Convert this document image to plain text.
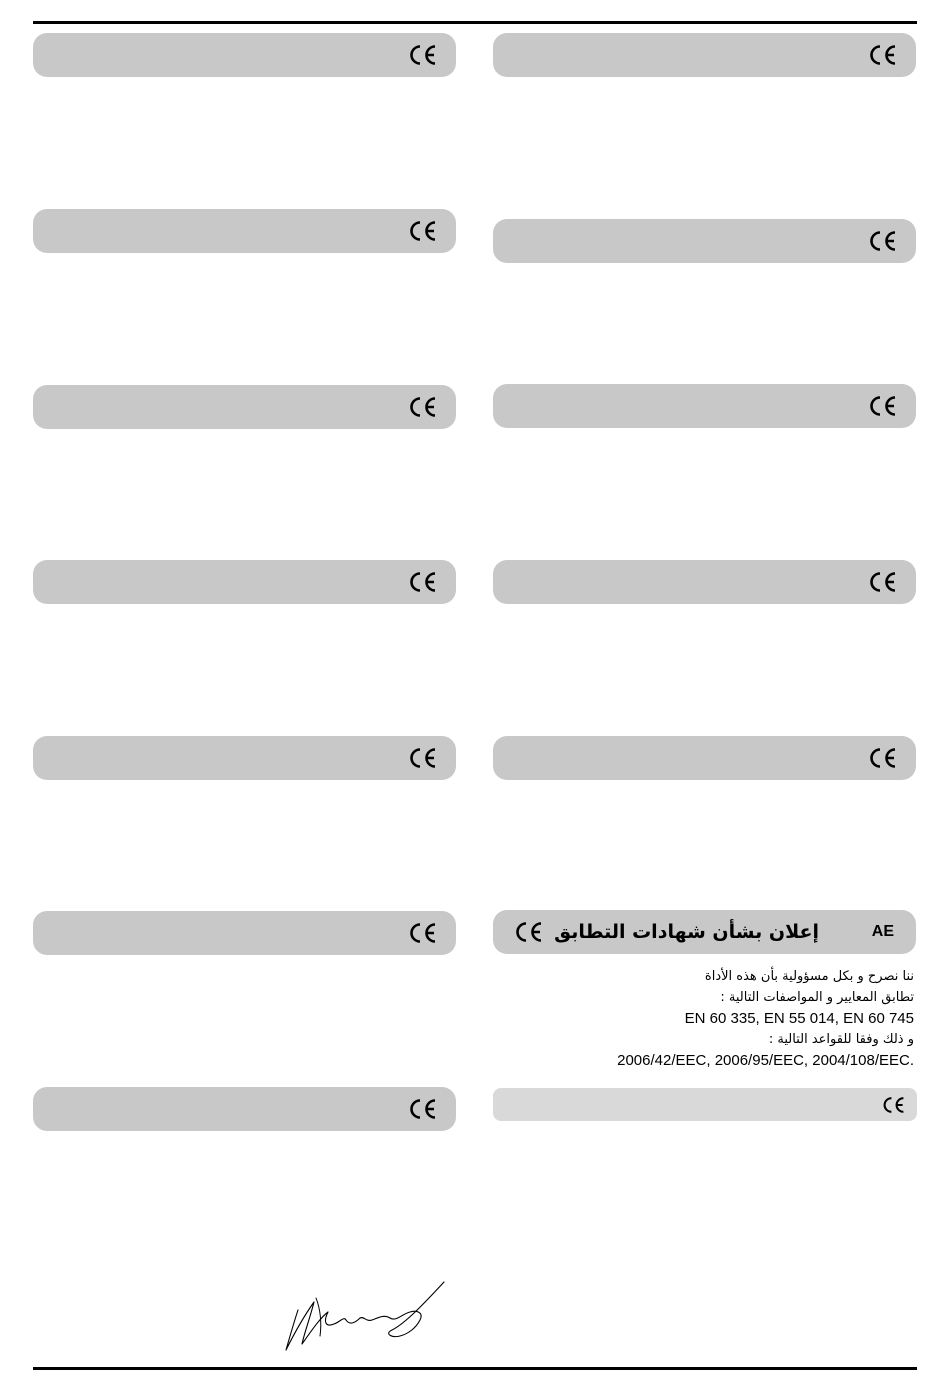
إعلان بشأن شهادات التطابق	AE
ننا نصرح و بكل مسؤولية بأن هذه الأداة
تطابق المعايير و المواصفات التالية :
EN 60 335, EN 55 014, EN 60 745
و ذلك وفقا للقواعد التالية :
2006/42/EEC, 2006/95/EEC, 2004/108/EEC.
